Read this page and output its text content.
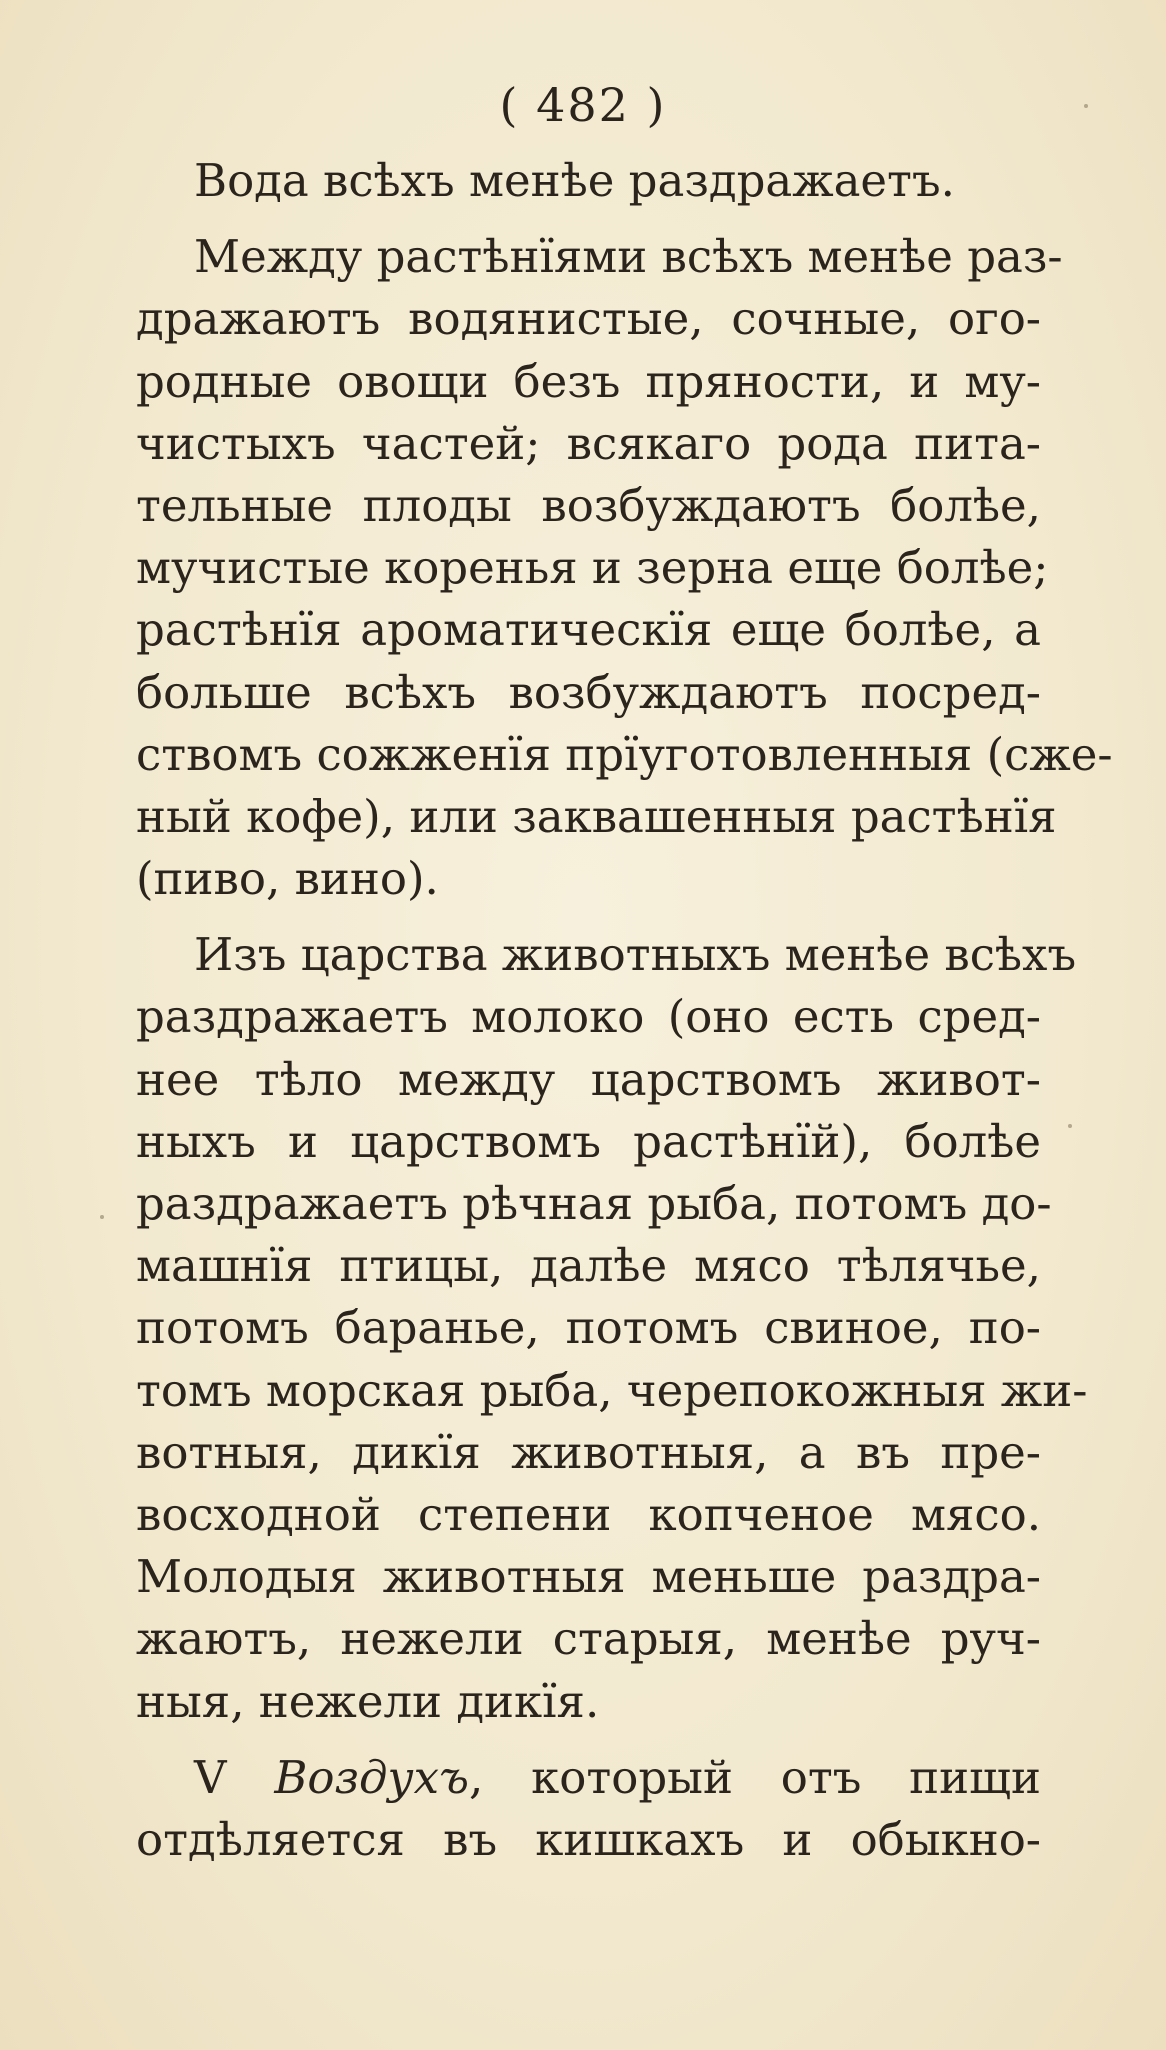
( 482 )
Вода всѣхъ менѣе раздражаетъ.
Между растѣнїями всѣхъ менѣе раз-
дражаютъ водянистые, сочные, ого-
родные овощи безъ пряности, и му-
чистыхъ частей; всякаго рода пита-
тельные плоды возбуждаютъ болѣе,
мучистые коренья и зерна еще болѣе;
растѣнїя ароматическїя еще болѣе, а
больше всѣхъ возбуждаютъ посред-
ствомъ сожженїя прїуготовленныя (сже-
ный кофе), или заквашенныя растѣнїя
(пиво, вино).
Изъ царства животныхъ менѣе всѣхъ
раздражаетъ молоко (оно есть сред-
нее тѣло между царствомъ живот-
ныхъ и царствомъ растѣнїй), болѣе
раздражаетъ рѣчная рыба, потомъ до-
машнїя птицы, далѣе мясо тѣлячье,
потомъ баранье, потомъ свиное, по-
томъ морская рыба, черепокожныя жи-
вотныя, дикїя животныя, а въ пре-
восходной степени копченое мясо.
Молодыя животныя меньше раздра-
жаютъ, нежели старыя, менѣе руч-
ныя, нежели дикїя.
V Воздухъ, который отъ пищи
отдѣляется въ кишкахъ и обыкно-
